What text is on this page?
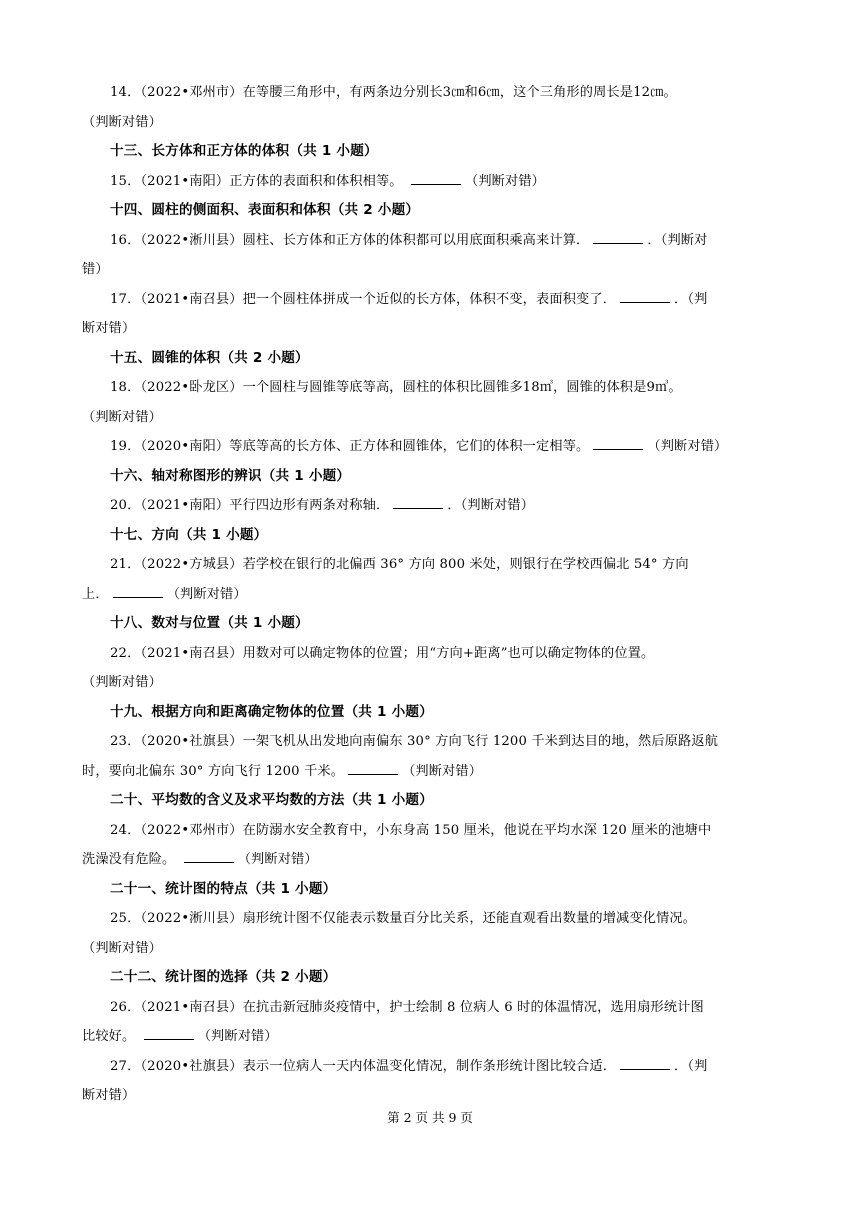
14．（2022•邓州市）在等腰三角形中，有两条边分别长3㎝和6㎝，这个三角形的周长是12㎝。
（判断对错）
十三、长方体和正方体的体积（共 1 小题）
15．（2021•南阳）正方体的表面积和体积相等。	（判断对错）
十四、圆柱的侧面积、表面积和体积（共 2 小题）
16．（2022•淅川县）圆柱、长方体和正方体的体积都可以用底面积乘高来计算．	．（判断对
错）
17．（2021•南召县）把一个圆柱体拼成一个近似的长方体，体积不变，表面积变了．	．（判
断对错）
十五、圆锥的体积（共 2 小题）
18．（2022•卧龙区）一个圆柱与圆锥等底等高，圆柱的体积比圆锥多18㎥，圆锥的体积是9㎥。
（判断对错）
19．（2020•南阳）等底等高的长方体、正方体和圆锥体，它们的体积一定相等。	（判断对错）
十六、轴对称图形的辨识（共 1 小题）
20．（2021•南阳）平行四边形有两条对称轴．	．（判断对错）
十七、方向（共 1 小题）
21．（2022•方城县）若学校在银行的北偏西 36° 方向 800 米处，则银行在学校西偏北 54° 方向
上．	（判断对错）
十八、数对与位置（共 1 小题）
22．（2021•南召县）用数对可以确定物体的位置；用“方向+距离”也可以确定物体的位置。
（判断对错）
十九、根据方向和距离确定物体的位置（共 1 小题）
23．（2020•社旗县）一架飞机从出发地向南偏东 30° 方向飞行 1200 千米到达目的地，然后原路返航
时，要向北偏东 30° 方向飞行 1200 千米。	（判断对错）
二十、平均数的含义及求平均数的方法（共 1 小题）
24．（2022•邓州市）在防溺水安全教育中，小东身高 150 厘米，他说在平均水深 120 厘米的池塘中
洗澡没有危险。	（判断对错）
二十一、统计图的特点（共 1 小题）
25．（2022•淅川县）扇形统计图不仅能表示数量百分比关系，还能直观看出数量的增减变化情况。
（判断对错）
二十二、统计图的选择（共 2 小题）
26．（2021•南召县）在抗击新冠肺炎疫情中，护士绘制 8 位病人 6 时的体温情况，选用扇形统计图
比较好。	（判断对错）
27．（2020•社旗县）表示一位病人一天内体温变化情况，制作条形统计图比较合适．	．（判
断对错）
第 2 页 共 9 页
